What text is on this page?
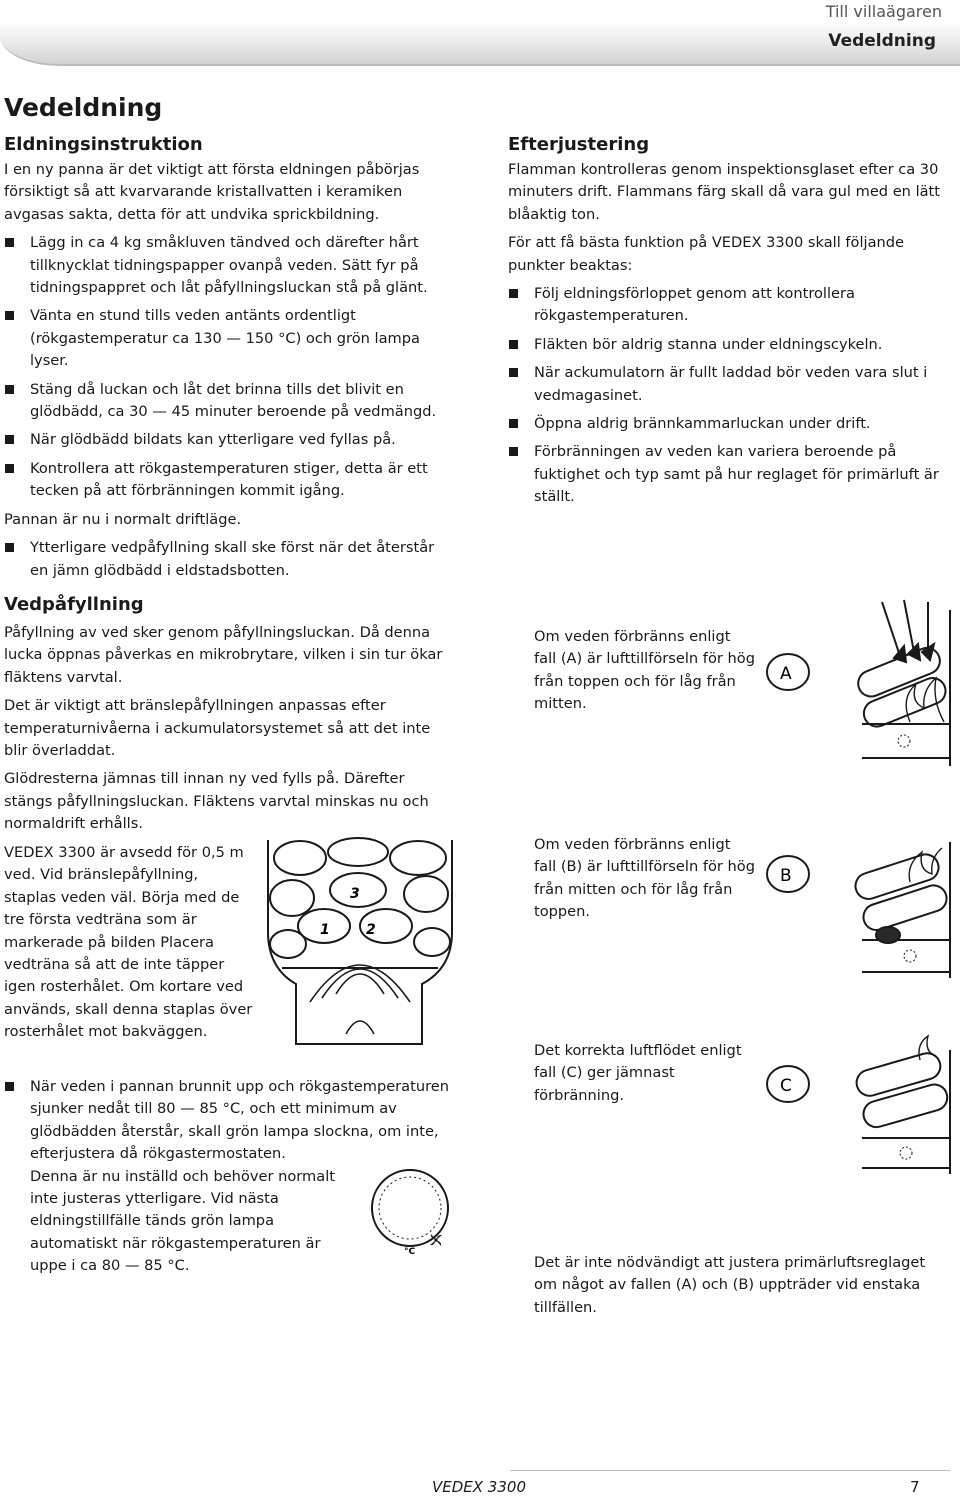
Till villaägaren
Vedeldning
Vedeldning
Eldningsinstruktion

I en ny panna är det viktigt att första eldningen påbörjas försiktigt så att kvarvarande kristallvatten i keramiken avgasas sakta, detta för att undvika sprickbildning.

Lägg in ca 4 kg småkluven tändved och därefter hårt tillknycklat tidningspapper ovanpå veden. Sätt fyr på tidningspappret och låt påfyllningsluckan stå på glänt.
Vänta en stund tills veden antänts ordentligt (rökgastemperatur ca 130 — 150 °C) och grön lampa lyser.
Stäng då luckan och låt det brinna tills det blivit en glödbädd, ca 30 — 45 minuter beroende på vedmängd.
När glödbädd bildats kan ytterligare ved fyllas på.
Kontrollera att rökgastemperaturen stiger, detta är ett tecken på att förbränningen kommit igång.

Pannan är nu i normalt driftläge.

Ytterligare vedpåfyllning skall ske först när det återstår en jämn glödbädd i eldstadsbotten.
Efterjustering

Flamman kontrolleras genom inspektionsglaset efter ca 30 minuters drift. Flammans färg skall då vara gul med en lätt blåaktig ton.

För att få bästa funktion på VEDEX 3300 skall följande punkter beaktas:

Följ eldningsförloppet genom att kontrollera rökgastemperaturen.
Fläkten bör aldrig stanna under eldningscykeln.
När ackumulatorn är fullt laddad bör veden vara slut i vedmagasinet.
Öppna aldrig brännkammarluckan under drift.
Förbränningen av veden kan variera beroende på fuktighet och typ samt på hur reglaget för primärluft är ställt.
Vedpåfyllning

Påfyllning av ved sker genom påfyllningsluckan. Då denna lucka öppnas påverkas en mikrobrytare, vilken i sin tur ökar fläktens varvtal.

Det är viktigt att bränslepåfyllningen anpassas efter temperaturnivåerna i ackumulatorsystemet så att det inte blir överladdat.

Glödresterna jämnas till innan ny ved fylls på. Därefter stängs påfyllningsluckan. Fläktens varvtal minskas nu och normaldrift erhålls.

VEDEX 3300 är avsedd för 0,5 m ved. Vid bränslepåfyllning, staplas veden väl. Börja med de tre första vedträna som är markerade på bilden Placera vedträna så att de inte täpper igen rosterhålet. Om kortare ved används, skall denna staplas över rosterhålet mot bakväggen.
3
1	2
När veden i pannan brunnit upp och rökgastemperaturen sjunker nedåt till 80 — 85 °C, och ett minimum av glödbädden återstår, skall grön lampa slockna, om inte, efterjustera då rökgastermostaten.
Denna är nu inställd och behöver normalt inte justeras ytterligare. Vid nästa eldningstillfälle tänds grön lampa automatiskt när rökgastemperaturen är uppe i ca 80 — 85 °C.
°C
Om veden förbränns enligt fall (A) är lufttillförseln för hög från toppen och för låg från mitten.
A
Om veden förbränns enligt fall (B) är lufttillförseln för hög från mitten och för låg från toppen.
B
Det korrekta luftflödet enligt fall (C) ger jämnast förbränning.	C
Det är inte nödvändigt att justera primärluftsreglaget om något av fallen (A) och (B) uppträder vid enstaka tillfällen.
VEDEX 3300	7
